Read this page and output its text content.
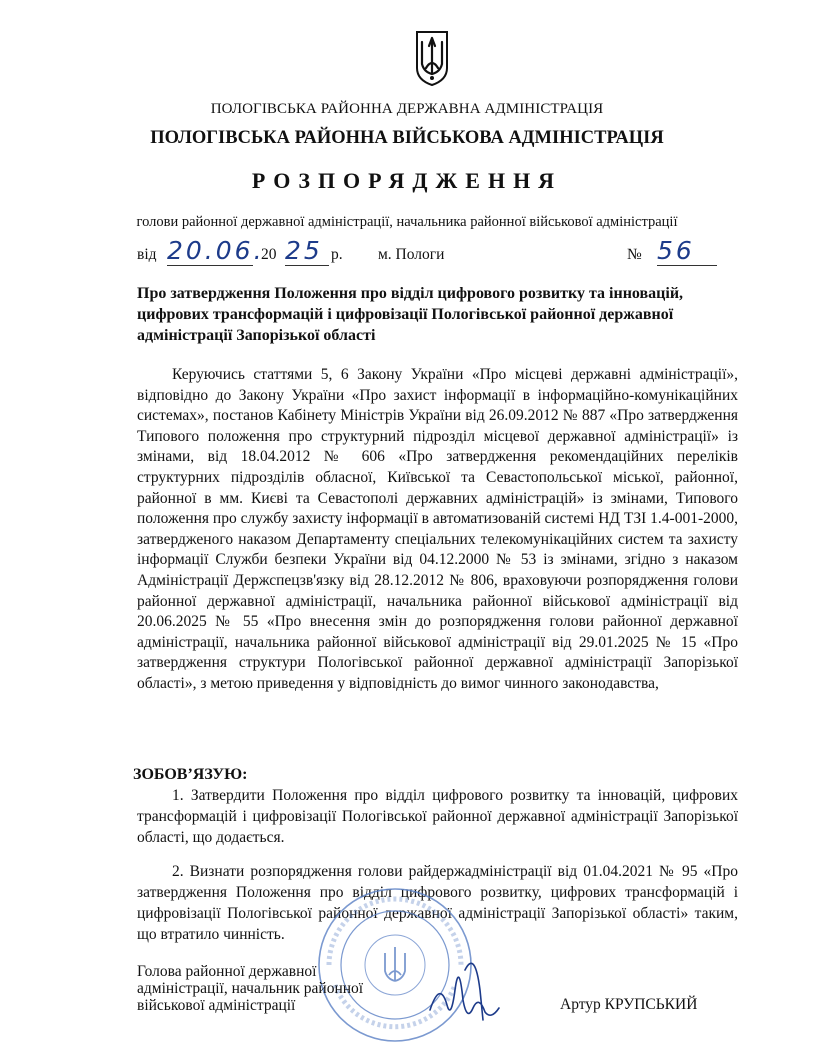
ПОЛОГІВСЬКА РАЙОННА ДЕРЖАВНА АДМІНІСТРАЦІЯ
ПОЛОГІВСЬКА РАЙОННА ВІЙСЬКОВА АДМІНІСТРАЦІЯ
РОЗПОРЯДЖЕННЯ
голови районної державної адміністрації, начальника районної військової адміністрації
від 20.06.
20 25 р. м. Пологи	№ 56
Про затвердження Положення про відділ цифрового розвитку та інновацій, цифрових трансформацій і цифровізації Пологівської районної державної адміністрації Запорізької області
Керуючись статтями 5, 6 Закону України «Про місцеві державні адміністрації», відповідно до Закону України «Про захист інформації в інформаційно-комунікаційних системах», постанов Кабінету Міністрів України від 26.09.2012 № 887 «Про затвердження Типового положення про структурний підрозділ місцевої державної адміністрації» із змінами, від 18.04.2012 № 606 «Про затвердження рекомендаційних переліків структурних підрозділів обласної, Київської та Севастопольської міської, районної, районної в мм. Києві та Севастополі державних адміністрацій» із змінами, Типового положення про службу захисту інформації в автоматизованій системі НД ТЗІ 1.4-001-2000, затвердженого наказом Департаменту спеціальних телекомунікаційних систем та захисту інформації Служби безпеки України від 04.12.2000 № 53 із змінами, згідно з наказом Адміністрації Держспецзв'язку від 28.12.2012 № 806, враховуючи розпорядження голови районної державної адміністрації, начальника районної військової адміністрації від 20.06.2025 № 55 «Про внесення змін до розпорядження голови районної державної адміністрації, начальника районної військової адміністрації від 29.01.2025 № 15 «Про затвердження структури Пологівської районної державної адміністрації Запорізької області», з метою приведення у відповідність до вимог чинного законодавства,
ЗОБОВ’ЯЗУЮ:
1. Затвердити Положення про відділ цифрового розвитку та інновацій, цифрових трансформацій і цифровізації Пологівської районної державної адміністрації Запорізької області, що додається.
2. Визнати розпорядження голови райдержадміністрації від 01.04.2021 № 95 «Про затвердження Положення про відділ цифрового розвитку, цифрових трансформацій і цифровізації Пологівської районної державної адміністрації Запорізької області» таким, що втратило чинність.
Голова районної державної
адміністрації, начальник районної
військової адміністрації	Артур КРУПСЬКИЙ
